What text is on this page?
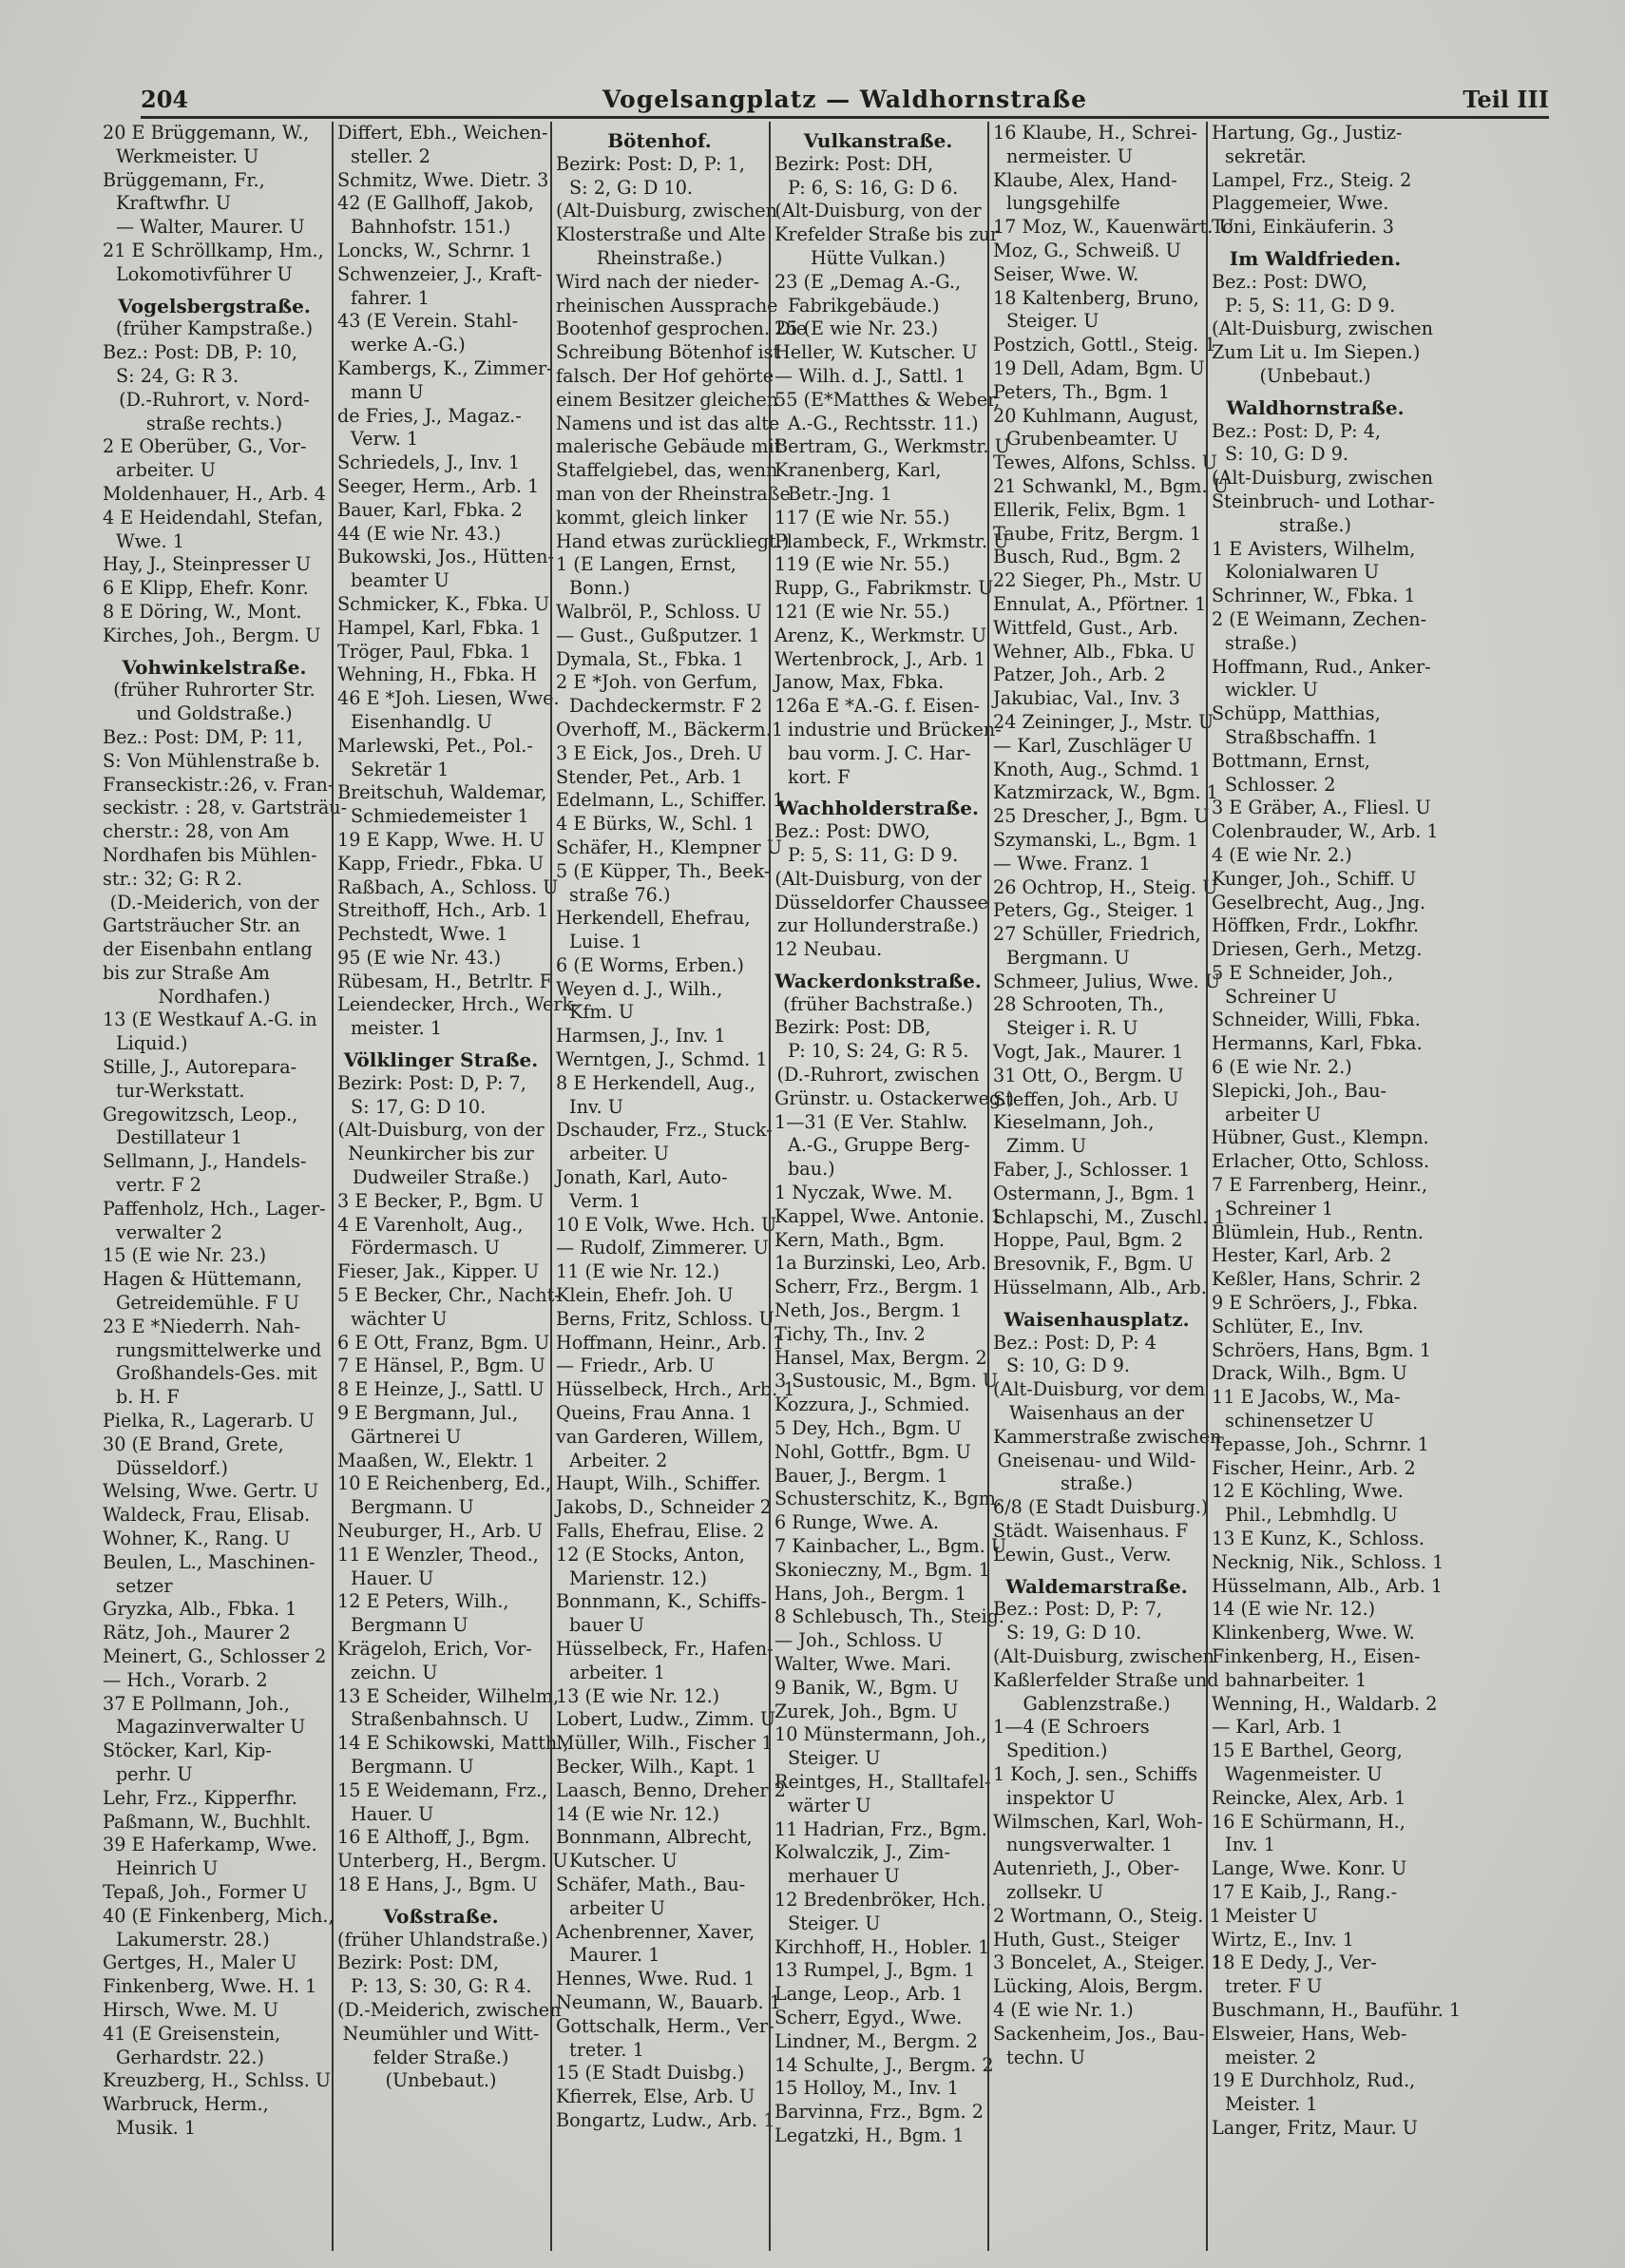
204	Vogelsangplatz — Waldhornstraße	Teil III
20 E Brüggemann, W.,
Werkmeister. U
Brüggemann, Fr.,
Kraftwfhr. U
— Walter, Maurer. U
21 E Schröllkamp, Hm.,
Lokomotivführer U
Vogelsbergstraße.
(früher Kampstraße.)
Bez.: Post: DB, P: 10,
S: 24, G: R 3.
(D.-Ruhrort, v. Nord-
straße rechts.)
2 E Oberüber, G., Vor-
arbeiter. U
Moldenhauer, H., Arb. 4
4 E Heidendahl, Stefan,
Wwe. 1
Hay, J., Steinpresser U
6 E Klipp, Ehefr. Konr.
8 E Döring, W., Mont.
Kirches, Joh., Bergm. U
Vohwinkelstraße.
(früher Ruhrorter Str.
und Goldstraße.)
Bez.: Post: DM, P: 11,
S: Von Mühlenstraße b.
Franseckistr.:26, v. Fran-
seckistr. : 28, v. Gartsträu-
cherstr.: 28, von Am
Nordhafen bis Mühlen-
str.: 32; G: R 2.
(D.-Meiderich, von der
Gartsträucher Str. an
der Eisenbahn entlang
bis zur Straße Am
Nordhafen.)
13 (E Westkauf A.-G. in
Liquid.)
Stille, J., Autorepara-
tur-Werkstatt.
Gregowitzsch, Leop.,
Destillateur 1
Sellmann, J., Handels-
vertr. F 2
Paffenholz, Hch., Lager-
verwalter 2
15 (E wie Nr. 23.)
Hagen & Hüttemann,
Getreidemühle. F U
23 E *Niederrh. Nah-
rungsmittelwerke und
Großhandels-Ges. mit
b. H. F
Pielka, R., Lagerarb. U
30 (E Brand, Grete,
Düsseldorf.)
Welsing, Wwe. Gertr. U
Waldeck, Frau, Elisab.
Wohner, K., Rang. U
Beulen, L., Maschinen-
setzer
Gryzka, Alb., Fbka. 1
Rätz, Joh., Maurer 2
Meinert, G., Schlosser 2
— Hch., Vorarb. 2
37 E Pollmann, Joh.,
Magazinverwalter U
Stöcker, Karl, Kip-
perhr. U
Lehr, Frz., Kipperfhr.
Paßmann, W., Buchhlt.
39 E Haferkamp, Wwe.
Heinrich U
Tepaß, Joh., Former U
40 (E Finkenberg, Mich.,
Lakumerstr. 28.)
Gertges, H., Maler U
Finkenberg, Wwe. H. 1
Hirsch, Wwe. M. U
41 (E Greisenstein,
Gerhardstr. 22.)
Kreuzberg, H., Schlss. U
Warbruck, Herm.,
Musik. 1
Differt, Ebh., Weichen-
steller. 2
Schmitz, Wwe. Dietr. 3
42 (E Gallhoff, Jakob,
Bahnhofstr. 151.)
Loncks, W., Schrnr. 1
Schwenzeier, J., Kraft-
fahrer. 1
43 (E Verein. Stahl-
werke A.-G.)
Kambergs, K., Zimmer-
mann U
de Fries, J., Magaz.-
Verw. 1
Schriedels, J., Inv. 1
Seeger, Herm., Arb. 1
Bauer, Karl, Fbka. 2
44 (E wie Nr. 43.)
Bukowski, Jos., Hütten-
beamter U
Schmicker, K., Fbka. U
Hampel, Karl, Fbka. 1
Tröger, Paul, Fbka. 1
Wehning, H., Fbka. H
46 E *Joh. Liesen, Wwe.
Eisenhandlg. U
Marlewski, Pet., Pol.-
Sekretär 1
Breitschuh, Waldemar,
Schmiedemeister 1
19 E Kapp, Wwe. H. U
Kapp, Friedr., Fbka. U
Raßbach, A., Schloss. U
Streithoff, Hch., Arb. 1
Pechstedt, Wwe. 1
95 (E wie Nr. 43.)
Rübesam, H., Betrltr. F
Leiendecker, Hrch., Werk-
meister. 1
Völklinger Straße.
Bezirk: Post: D, P: 7,
S: 17, G: D 10.
(Alt-Duisburg, von der
Neunkircher bis zur
Dudweiler Straße.)
3 E Becker, P., Bgm. U
4 E Varenholt, Aug.,
Fördermasch. U
Fieser, Jak., Kipper. U
5 E Becker, Chr., Nacht-
wächter U
6 E Ott, Franz, Bgm. U
7 E Hänsel, P., Bgm. U
8 E Heinze, J., Sattl. U
9 E Bergmann, Jul.,
Gärtnerei U
Maaßen, W., Elektr. 1
10 E Reichenberg, Ed.,
Bergmann. U
Neuburger, H., Arb. U
11 E Wenzler, Theod.,
Hauer. U
12 E Peters, Wilh.,
Bergmann U
Krägeloh, Erich, Vor-
zeichn. U
13 E Scheider, Wilhelm,
Straßenbahnsch. U
14 E Schikowski, Matth.,
Bergmann. U
15 E Weidemann, Frz.,
Hauer. U
16 E Althoff, J., Bgm.
Unterberg, H., Bergm. U
18 E Hans, J., Bgm. U
Voßstraße.
(früher Uhlandstraße.)
Bezirk: Post: DM,
P: 13, S: 30, G: R 4.
(D.-Meiderich, zwischen
Neumühler und Witt-
felder Straße.)
(Unbebaut.)
Bötenhof.
Bezirk: Post: D, P: 1,
S: 2, G: D 10.
(Alt-Duisburg, zwischen
Klosterstraße und Alte
Rheinstraße.)
Wird nach der nieder-
rheinischen Aussprache
Bootenhof gesprochen. Die
Schreibung Bötenhof ist
falsch. Der Hof gehörte
einem Besitzer gleichen
Namens und ist das alte
malerische Gebäude mit
Staffelgiebel, das, wenn
man von der Rheinstraße
kommt, gleich linker
Hand etwas zurückliegt.)
1 (E Langen, Ernst,
Bonn.)
Walbröl, P., Schloss. U
— Gust., Gußputzer. 1
Dymala, St., Fbka. 1
2 E *Joh. von Gerfum,
Dachdeckermstr. F 2
Overhoff, M., Bäckerm.1
3 E Eick, Jos., Dreh. U
Stender, Pet., Arb. 1
Edelmann, L., Schiffer. 1
4 E Bürks, W., Schl. 1
Schäfer, H., Klempner U
5 (E Küpper, Th., Beek-
straße 76.)
Herkendell, Ehefrau,
Luise. 1
6 (E Worms, Erben.)
Weyen d. J., Wilh.,
Kfm. U
Harmsen, J., Inv. 1
Werntgen, J., Schmd. 1
8 E Herkendell, Aug.,
Inv. U
Dschauder, Frz., Stuck-
arbeiter. U
Jonath, Karl, Auto-
Verm. 1
10 E Volk, Wwe. Hch. U
— Rudolf, Zimmerer. U
11 (E wie Nr. 12.)
Klein, Ehefr. Joh. U
Berns, Fritz, Schloss. U
Hoffmann, Heinr., Arb. 1
— Friedr., Arb. U
Hüsselbeck, Hrch., Arb. 1
Queins, Frau Anna. 1
van Garderen, Willem,
Arbeiter. 2
Haupt, Wilh., Schiffer.
Jakobs, D., Schneider 2
Falls, Ehefrau, Elise. 2
12 (E Stocks, Anton,
Marienstr. 12.)
Bonnmann, K., Schiffs-
bauer U
Hüsselbeck, Fr., Hafen-
arbeiter. 1
13 (E wie Nr. 12.)
Lobert, Ludw., Zimm. U
Müller, Wilh., Fischer 1
Becker, Wilh., Kapt. 1
Laasch, Benno, Dreher 2
14 (E wie Nr. 12.)
Bonnmann, Albrecht,
Kutscher. U
Schäfer, Math., Bau-
arbeiter U
Achenbrenner, Xaver,
Maurer. 1
Hennes, Wwe. Rud. 1
Neumann, W., Bauarb. 1
Gottschalk, Herm., Ver-
treter. 1
15 (E Stadt Duisbg.)
Kfierrek, Else, Arb. U
Bongartz, Ludw., Arb. 1
Vulkanstraße.
Bezirk: Post: DH,
P: 6, S: 16, G: D 6.
(Alt-Duisburg, von der
Krefelder Straße bis zur
Hütte Vulkan.)
23 (E „Demag A.-G.,
Fabrikgebäude.)
25 (E wie Nr. 23.)
Heller, W. Kutscher. U
— Wilh. d. J., Sattl. 1
55 (E*Matthes & Weber,
A.-G., Rechtsstr. 11.)
Bertram, G., Werkmstr. U
Kranenberg, Karl,
Betr.-Jng. 1
117 (E wie Nr. 55.)
Plambeck, F., Wrkmstr. U
119 (E wie Nr. 55.)
Rupp, G., Fabrikmstr. U
121 (E wie Nr. 55.)
Arenz, K., Werkmstr. U
Wertenbrock, J., Arb. 1
Janow, Max, Fbka.
126a E *A.-G. f. Eisen-
industrie und Brücken-
bau vorm. J. C. Har-
kort. F
Wachholderstraße.
Bez.: Post: DWO,
P: 5, S: 11, G: D 9.
(Alt-Duisburg, von der
Düsseldorfer Chaussee
zur Hollunderstraße.)
12 Neubau.
Wackerdonkstraße.
(früher Bachstraße.)
Bezirk: Post: DB,
P: 10, S: 24, G: R 5.
(D.-Ruhrort, zwischen
Grünstr. u. Ostackerweg.)
1—31 (E Ver. Stahlw.
A.-G., Gruppe Berg-
bau.)
1 Nyczak, Wwe. M.
Kappel, Wwe. Antonie. 1
Kern, Math., Bgm.
1a Burzinski, Leo, Arb.
Scherr, Frz., Bergm. 1
Neth, Jos., Bergm. 1
Tichy, Th., Inv. 2
Hansel, Max, Bergm. 2
3 Sustousic, M., Bgm. U
Kozzura, J., Schmied.
5 Dey, Hch., Bgm. U
Nohl, Gottfr., Bgm. U
Bauer, J., Bergm. 1
Schusterschitz, K., Bgm.
6 Runge, Wwe. A.
7 Kainbacher, L., Bgm. U
Skonieczny, M., Bgm. 1
Hans, Joh., Bergm. 1
8 Schlebusch, Th., Steig.
— Joh., Schloss. U
Walter, Wwe. Mari.
9 Banik, W., Bgm. U
Zurek, Joh., Bgm. U
10 Münstermann, Joh.,
Steiger. U
Reintges, H., Stalltafel-
wärter U
11 Hadrian, Frz., Bgm.
Kolwalczik, J., Zim-
merhauer U
12 Bredenbröker, Hch.,
Steiger. U
Kirchhoff, H., Hobler. 1
13 Rumpel, J., Bgm. 1
Lange, Leop., Arb. 1
Scherr, Egyd., Wwe.
Lindner, M., Bergm. 2
14 Schulte, J., Bergm. 2
15 Holloy, M., Inv. 1
Barvinna, Frz., Bgm. 2
Legatzki, H., Bgm. 1
16 Klaube, H., Schrei-
nermeister. U
Klaube, Alex, Hand-
lungsgehilfe
17 Moz, W., Kauenwärt. U
Moz, G., Schweiß. U
Seiser, Wwe. W.
18 Kaltenberg, Bruno,
Steiger. U
Postzich, Gottl., Steig. 1
19 Dell, Adam, Bgm. U
Peters, Th., Bgm. 1
20 Kuhlmann, August,
Grubenbeamter. U
Tewes, Alfons, Schlss. U
21 Schwankl, M., Bgm. U
Ellerik, Felix, Bgm. 1
Taube, Fritz, Bergm. 1
Busch, Rud., Bgm. 2
22 Sieger, Ph., Mstr. U
Ennulat, A., Pförtner. 1
Wittfeld, Gust., Arb.
Wehner, Alb., Fbka. U
Patzer, Joh., Arb. 2
Jakubiac, Val., Inv. 3
24 Zeininger, J., Mstr. U
— Karl, Zuschläger U
Knoth, Aug., Schmd. 1
Katzmirzack, W., Bgm. 1
25 Drescher, J., Bgm. U
Szymanski, L., Bgm. 1
— Wwe. Franz. 1
26 Ochtrop, H., Steig. U
Peters, Gg., Steiger. 1
27 Schüller, Friedrich,
Bergmann. U
Schmeer, Julius, Wwe. U
28 Schrooten, Th.,
Steiger i. R. U
Vogt, Jak., Maurer. 1
31 Ott, O., Bergm. U
Steffen, Joh., Arb. U
Kieselmann, Joh.,
Zimm. U
Faber, J., Schlosser. 1
Ostermann, J., Bgm. 1
Schlapschi, M., Zuschl. 1
Hoppe, Paul, Bgm. 2
Bresovnik, F., Bgm. U
Hüsselmann, Alb., Arb.
Waisenhausplatz.
Bez.: Post: D, P: 4
S: 10, G: D 9.
(Alt-Duisburg, vor dem
Waisenhaus an der
Kammerstraße zwischen
Gneisenau- und Wild-
straße.)
6/8 (E Stadt Duisburg.)
Städt. Waisenhaus. F
Lewin, Gust., Verw.
Waldemarstraße.
Bez.: Post: D, P: 7,
S: 19, G: D 10.
(Alt-Duisburg, zwischen
Kaßlerfelder Straße und
Gablenzstraße.)
1—4 (E Schroers
Spedition.)
1 Koch, J. sen., Schiffs
inspektor U
Wilmschen, Karl, Woh-
nungsverwalter. 1
Autenrieth, J., Ober-
zollsekr. U
2 Wortmann, O., Steig. 1
Huth, Gust., Steiger
3 Boncelet, A., Steiger. 1
Lücking, Alois, Bergm.
4 (E wie Nr. 1.)
Sackenheim, Jos., Bau-
techn. U
Hartung, Gg., Justiz-
sekretär.
Lampel, Frz., Steig. 2
Plaggemeier, Wwe.
Toni, Einkäuferin. 3
Im Waldfrieden.
Bez.: Post: DWO,
P: 5, S: 11, G: D 9.
(Alt-Duisburg, zwischen
Zum Lit u. Im Siepen.)
(Unbebaut.)
Waldhornstraße.
Bez.: Post: D, P: 4,
S: 10, G: D 9.
(Alt-Duisburg, zwischen
Steinbruch- und Lothar-
straße.)
1 E Avisters, Wilhelm,
Kolonialwaren U
Schrinner, W., Fbka. 1
2 (E Weimann, Zechen-
straße.)
Hoffmann, Rud., Anker-
wickler. U
Schüpp, Matthias,
Straßbschaffn. 1
Bottmann, Ernst,
Schlosser. 2
3 E Gräber, A., Fliesl. U
Colenbrauder, W., Arb. 1
4 (E wie Nr. 2.)
Kunger, Joh., Schiff. U
Geselbrecht, Aug., Jng.
Höffken, Frdr., Lokfhr.
Driesen, Gerh., Metzg.
5 E Schneider, Joh.,
Schreiner U
Schneider, Willi, Fbka.
Hermanns, Karl, Fbka.
6 (E wie Nr. 2.)
Slepicki, Joh., Bau-
arbeiter U
Hübner, Gust., Klempn.
Erlacher, Otto, Schloss.
7 E Farrenberg, Heinr.,
Schreiner 1
Blümlein, Hub., Rentn.
Hester, Karl, Arb. 2
Keßler, Hans, Schrir. 2
9 E Schröers, J., Fbka.
Schlüter, E., Inv.
Schröers, Hans, Bgm. 1
Drack, Wilh., Bgm. U
11 E Jacobs, W., Ma-
schinensetzer U
Tepasse, Joh., Schrnr. 1
Fischer, Heinr., Arb. 2
12 E Köchling, Wwe.
Phil., Lebmhdlg. U
13 E Kunz, K., Schloss.
Necknig, Nik., Schloss. 1
Hüsselmann, Alb., Arb. 1
14 (E wie Nr. 12.)
Klinkenberg, Wwe. W.
Finkenberg, H., Eisen-
bahnarbeiter. 1
Wenning, H., Waldarb. 2
— Karl, Arb. 1
15 E Barthel, Georg,
Wagenmeister. U
Reincke, Alex, Arb. 1
16 E Schürmann, H.,
Inv. 1
Lange, Wwe. Konr. U
17 E Kaib, J., Rang.-
Meister U
Wirtz, E., Inv. 1
18 E Dedy, J., Ver-
treter. F U
Buschmann, H., Bauführ. 1
Elsweier, Hans, Web-
meister. 2
19 E Durchholz, Rud.,
Meister. 1
Langer, Fritz, Maur. U
